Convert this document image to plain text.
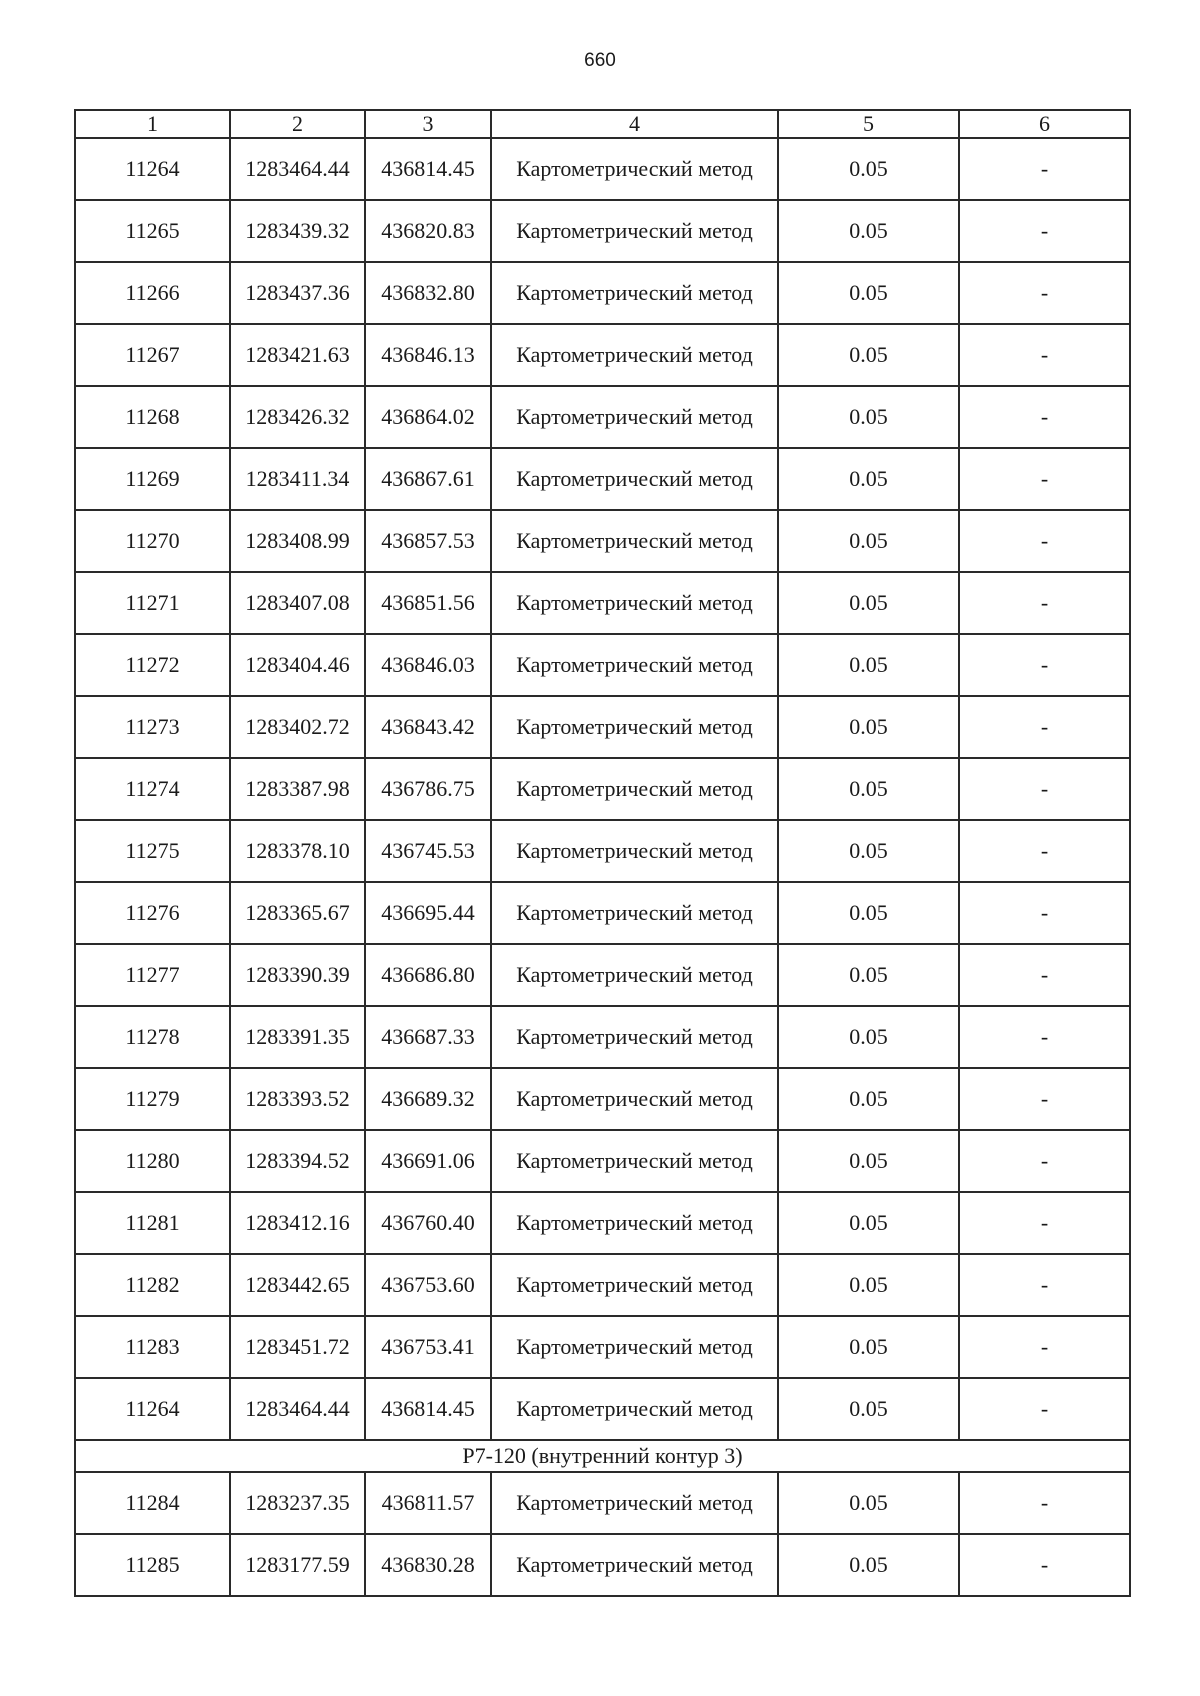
660
1	2	3	4	5	6
11264	1283464.44	436814.45	Картометрический метод	0.05	-
11265	1283439.32	436820.83	Картометрический метод	0.05	-
11266	1283437.36	436832.80	Картометрический метод	0.05	-
11267	1283421.63	436846.13	Картометрический метод	0.05	-
11268	1283426.32	436864.02	Картометрический метод	0.05	-
11269	1283411.34	436867.61	Картометрический метод	0.05	-
11270	1283408.99	436857.53	Картометрический метод	0.05	-
11271	1283407.08	436851.56	Картометрический метод	0.05	-
11272	1283404.46	436846.03	Картометрический метод	0.05	-
11273	1283402.72	436843.42	Картометрический метод	0.05	-
11274	1283387.98	436786.75	Картометрический метод	0.05	-
11275	1283378.10	436745.53	Картометрический метод	0.05	-
11276	1283365.67	436695.44	Картометрический метод	0.05	-
11277	1283390.39	436686.80	Картометрический метод	0.05	-
11278	1283391.35	436687.33	Картометрический метод	0.05	-
11279	1283393.52	436689.32	Картометрический метод	0.05	-
11280	1283394.52	436691.06	Картометрический метод	0.05	-
11281	1283412.16	436760.40	Картометрический метод	0.05	-
11282	1283442.65	436753.60	Картометрический метод	0.05	-
11283	1283451.72	436753.41	Картометрический метод	0.05	-
11264	1283464.44	436814.45	Картометрический метод	0.05	-
Р7-120 (внутренний контур 3)					
11284	1283237.35	436811.57	Картометрический метод	0.05	-
11285	1283177.59	436830.28	Картометрический метод	0.05	-
